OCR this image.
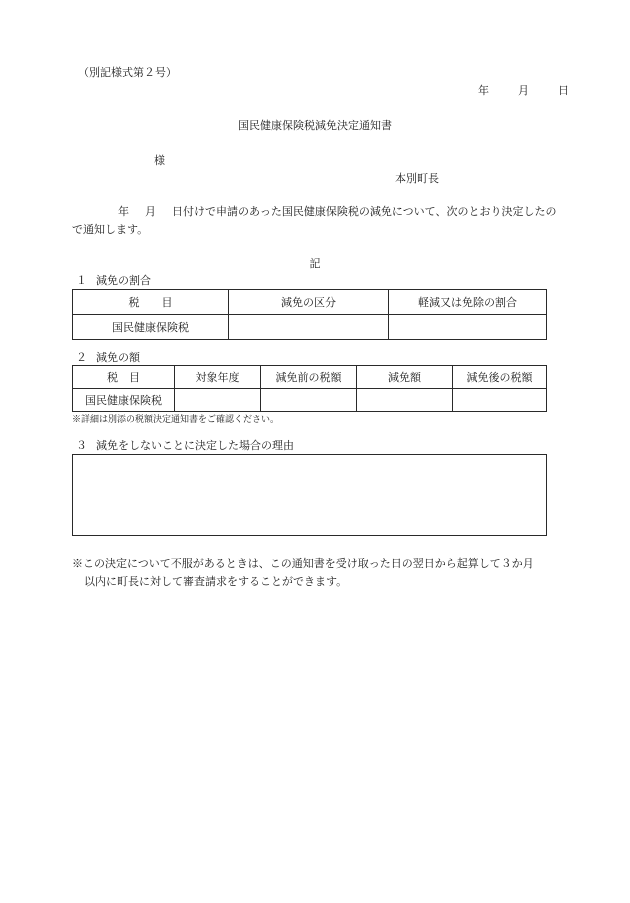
（別記様式第２号）
年	月	日
国民健康保険税減免決定通知書
様
本別町長
年 月 日付けで申請のあった国民健康保険税の減免について、次のとおり決定したので通知します。
記
１ 減免の割合
税　　目	減免の区分	軽減又は免除の割合
国民健康保険税		
２ 減免の額
税　目	対象年度	減免前の税額	減免額	減免後の税額
国民健康保険税				
※詳細は別添の税額決定通知書をご確認ください。
３ 減免をしないことに決定した場合の理由
※この決定について不服があるときは、この通知書を受け取った日の翌日から起算して３か月
以内に町長に対して審査請求をすることができます。
